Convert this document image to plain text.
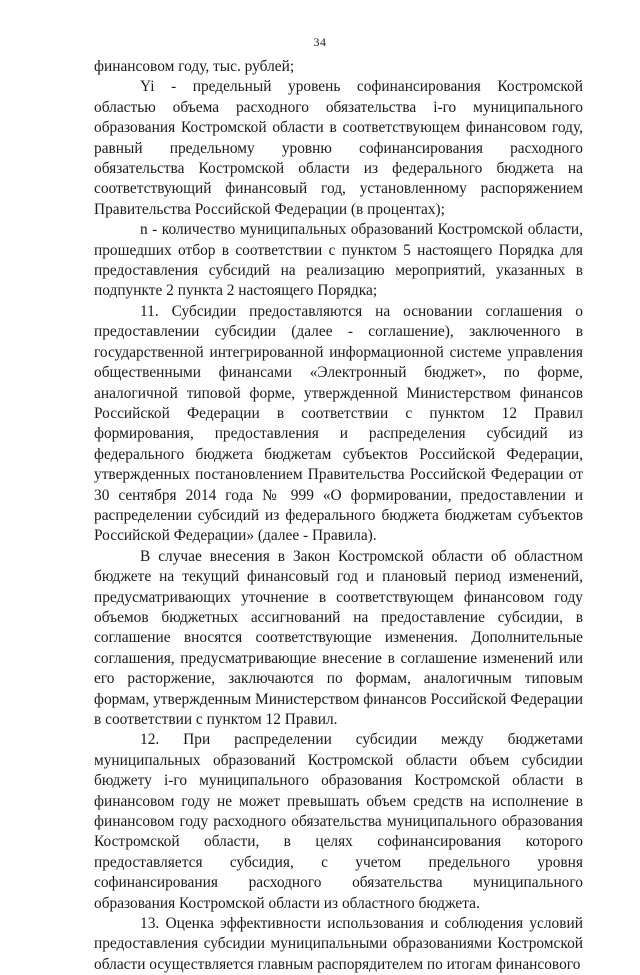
34

финансовом году, тыс. рублей;

Yi - предельный уровень софинансирования Костромской областью объема расходного обязательства i-го муниципального образования Костромской области в соответствующем финансовом году, равный предельному уровню софинансирования расходного обязательства Костромской области из федерального бюджета на соответствующий финансовый год, установленному распоряжением Правительства Российской Федерации (в процентах);

n - количество муниципальных образований Костромской области, прошедших отбор в соответствии с пунктом 5 настоящего Порядка для предоставления субсидий на реализацию мероприятий, указанных в подпункте 2 пункта 2 настоящего Порядка;

11. Субсидии предоставляются на основании соглашения о предоставлении субсидии (далее - соглашение), заключенного в государственной интегрированной информационной системе управления общественными финансами «Электронный бюджет», по форме, аналогичной типовой форме, утвержденной Министерством финансов Российской Федерации в соответствии с пунктом 12 Правил формирования, предоставления и распределения субсидий из федерального бюджета бюджетам субъектов Российской Федерации, утвержденных постановлением Правительства Российской Федерации от 30 сентября 2014 года № 999 «О формировании, предоставлении и распределении субсидий из федерального бюджета бюджетам субъектов Российской Федерации» (далее - Правила).

В случае внесения в Закон Костромской области об областном бюджете на текущий финансовый год и плановый период изменений, предусматривающих уточнение в соответствующем финансовом году объемов бюджетных ассигнований на предоставление субсидии, в соглашение вносятся соответствующие изменения. Дополнительные соглашения, предусматривающие внесение в соглашение изменений или его расторжение, заключаются по формам, аналогичным типовым формам, утвержденным Министерством финансов Российской Федерации в соответствии с пунктом 12 Правил.

12. При распределении субсидии между бюджетами муниципальных образований Костромской области объем субсидии бюджету i-го муниципального образования Костромской области в финансовом году не может превышать объем средств на исполнение в финансовом году расходного обязательства муниципального образования Костромской области, в целях софинансирования которого предоставляется субсидия, с учетом предельного уровня софинансирования расходного обязательства муниципального образования Костромской области из областного бюджета.

13. Оценка эффективности использования и соблюдения условий предоставления субсидии муниципальными образованиями Костромской области осуществляется главным распорядителем по итогам финансового
